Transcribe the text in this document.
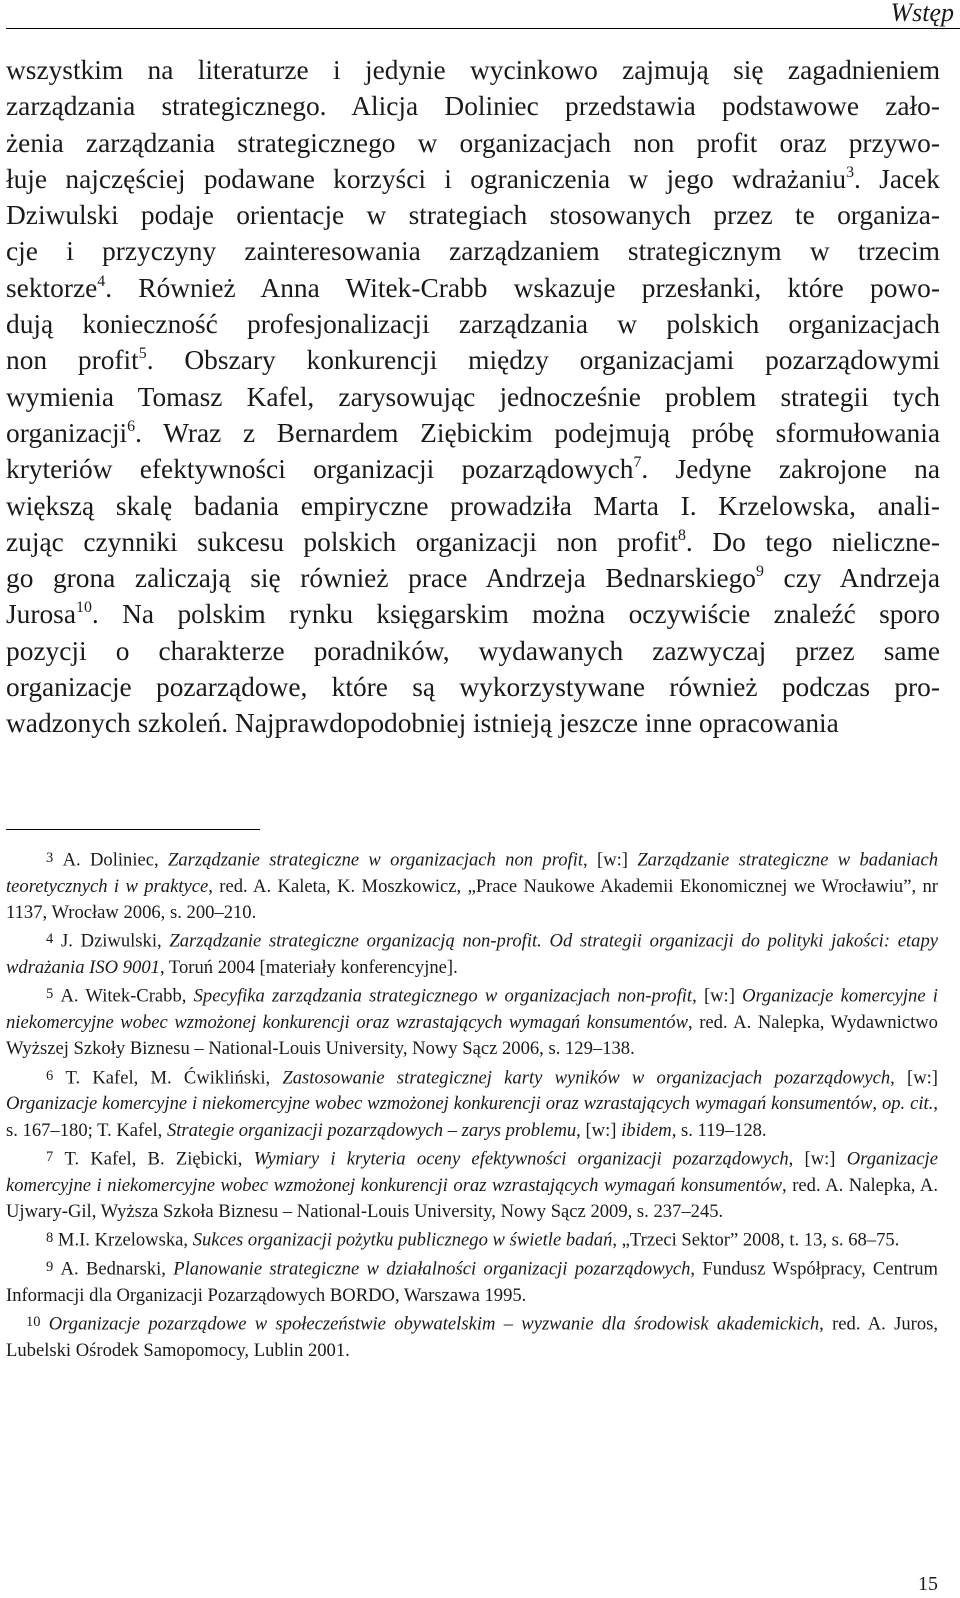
Wstęp
wszystkim na literaturze i jedynie wycinkowo zajmują się zagadnieniem
zarządzania strategicznego. Alicja Doliniec przedstawia podstawowe zało-
żenia zarządzania strategicznego w organizacjach non profit oraz przywo-
łuje najczęściej podawane korzyści i ograniczenia w jego wdrażaniu$^3$. Jacek
Dziwulski podaje orientacje w strategiach stosowanych przez te organiza-
cje i przyczyny zainteresowania zarządzaniem strategicznym w trzecim
sektorze$^4$. Również Anna Witek-Crabb wskazuje przesłanki, które powo-
dują konieczność profesjonalizacji zarządzania w polskich organizacjach
non profit$^5$. Obszary konkurencji między organizacjami pozarządowymi
wymienia Tomasz Kafel, zarysowując jednocześnie problem strategii tych
organizacji$^6$. Wraz z Bernardem Ziębickim podejmują próbę sformułowania
kryteriów efektywności organizacji pozarządowych$^7$. Jedyne zakrojone na
większą skalę badania empiryczne prowadziła Marta I. Krzelowska, anali-
zując czynniki sukcesu polskich organizacji non profit$^8$. Do tego nieliczne-
go grona zaliczają się również prace Andrzeja Bednarskiego$^9$ czy Andrzeja
Jurosa$^{10}$. Na polskim rynku księgarskim można oczywiście znaleźć sporo
pozycji o charakterze poradników, wydawanych zazwyczaj przez same
organizacje pozarządowe, które są wykorzystywane również podczas pro-
wadzonych szkoleń. Najprawdopodobniej istnieją jeszcze inne opracowania

3 A. Doliniec, Zarządzanie strategiczne w organizacjach non profit, [w:] Zarządzanie strategiczne w badaniach teoretycznych i w praktyce, red. A. Kaleta, K. Moszkowicz, „Prace Naukowe Akademii Ekonomicznej we Wrocławiu”, nr 1137, Wrocław 2006, s. 200–210.

4 J. Dziwulski, Zarządzanie strategiczne organizacją non-profit. Od strategii organizacji do polityki jakości: etapy wdrażania ISO 9001, Toruń 2004 [materiały konferencyjne].

5 A. Witek-Crabb, Specyfika zarządzania strategicznego w organizacjach non-profit, [w:] Organizacje komercyjne i niekomercyjne wobec wzmożonej konkurencji oraz wzrastających wymagań konsumentów, red. A. Nalepka, Wydawnictwo Wyższej Szkoły Biznesu – National-Louis University, Nowy Sącz 2006, s. 129–138.

6 T. Kafel, M. Ćwikliński, Zastosowanie strategicznej karty wyników w organizacjach pozarządowych, [w:] Organizacje komercyjne i niekomercyjne wobec wzmożonej konkurencji oraz wzrastających wymagań konsumentów, op. cit., s. 167–180; T. Kafel, Strategie organizacji pozarządowych – zarys problemu, [w:] ibidem, s. 119–128.

7 T. Kafel, B. Ziębicki, Wymiary i kryteria oceny efektywności organizacji pozarządowych, [w:] Organizacje komercyjne i niekomercyjne wobec wzmożonej konkurencji oraz wzrastających wymagań konsumentów, red. A. Nalepka, A. Ujwary-Gil, Wyższa Szkoła Biznesu – National-Louis University, Nowy Sącz 2009, s. 237–245.

8 M.I. Krzelowska, Sukces organizacji pożytku publicznego w świetle badań, „Trzeci Sektor” 2008, t. 13, s. 68–75.

9 A. Bednarski, Planowanie strategiczne w działalności organizacji pozarządowych, Fundusz Współpracy, Centrum Informacji dla Organizacji Pozarządowych BORDO, Warszawa 1995.

10 Organizacje pozarządowe w społeczeństwie obywatelskim – wyzwanie dla środowisk akademickich, red. A. Juros, Lubelski Ośrodek Samopomocy, Lublin 2001.

15
